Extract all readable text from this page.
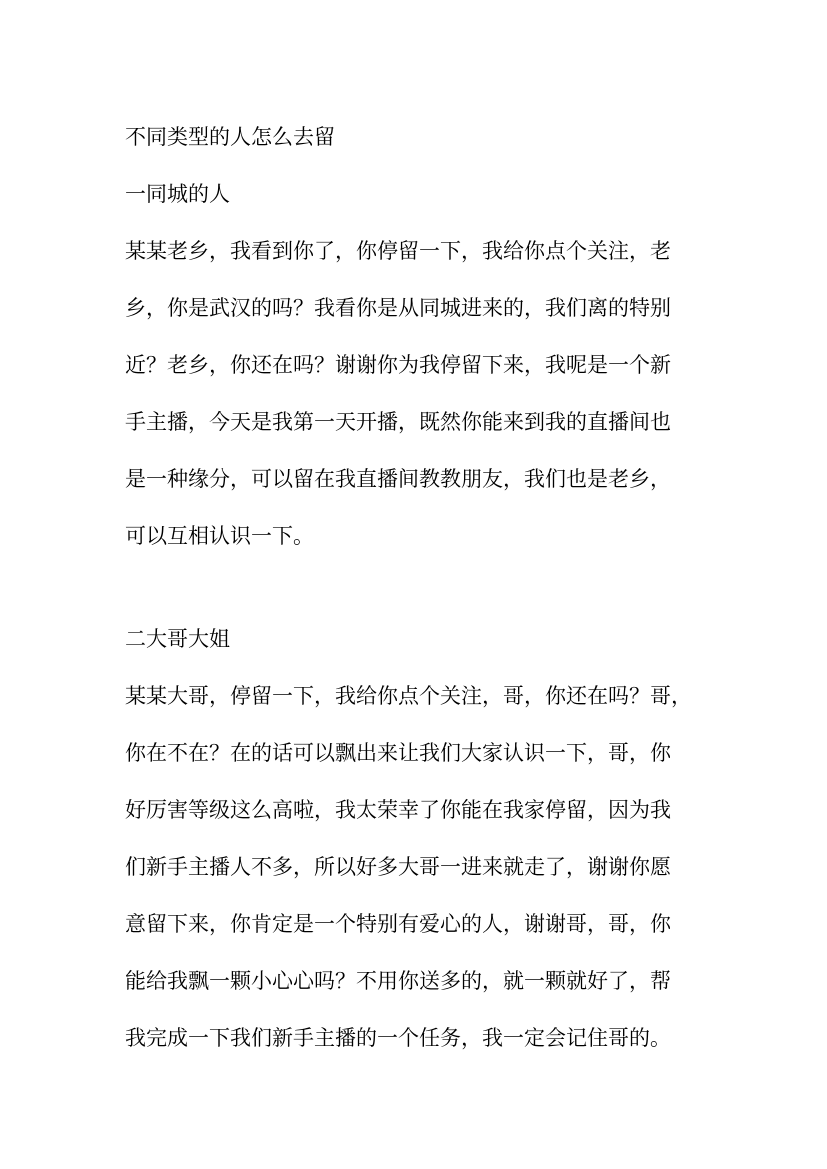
不同类型的人怎么去留
一同城的人

某某老乡，我看到你了，你停留一下，我给你点个关注，老
乡，你是武汉的吗？我看你是从同城进来的，我们离的特别
近？老乡，你还在吗？谢谢你为我停留下来，我呢是一个新
手主播，今天是我第一天开播，既然你能来到我的直播间也
是一种缘分，可以留在我直播间教教朋友，我们也是老乡，
可以互相认识一下。

二大哥大姐

某某大哥，停留一下，我给你点个关注，哥，你还在吗？哥，
你在不在？在的话可以飘出来让我们大家认识一下，哥，你
好厉害等级这么高啦，我太荣幸了你能在我家停留，因为我
们新手主播人不多，所以好多大哥一进来就走了，谢谢你愿
意留下来，你肯定是一个特别有爱心的人，谢谢哥，哥，你
能给我飘一颗小心心吗？不用你送多的，就一颗就好了，帮
我完成一下我们新手主播的一个任务，我一定会记住哥的。
